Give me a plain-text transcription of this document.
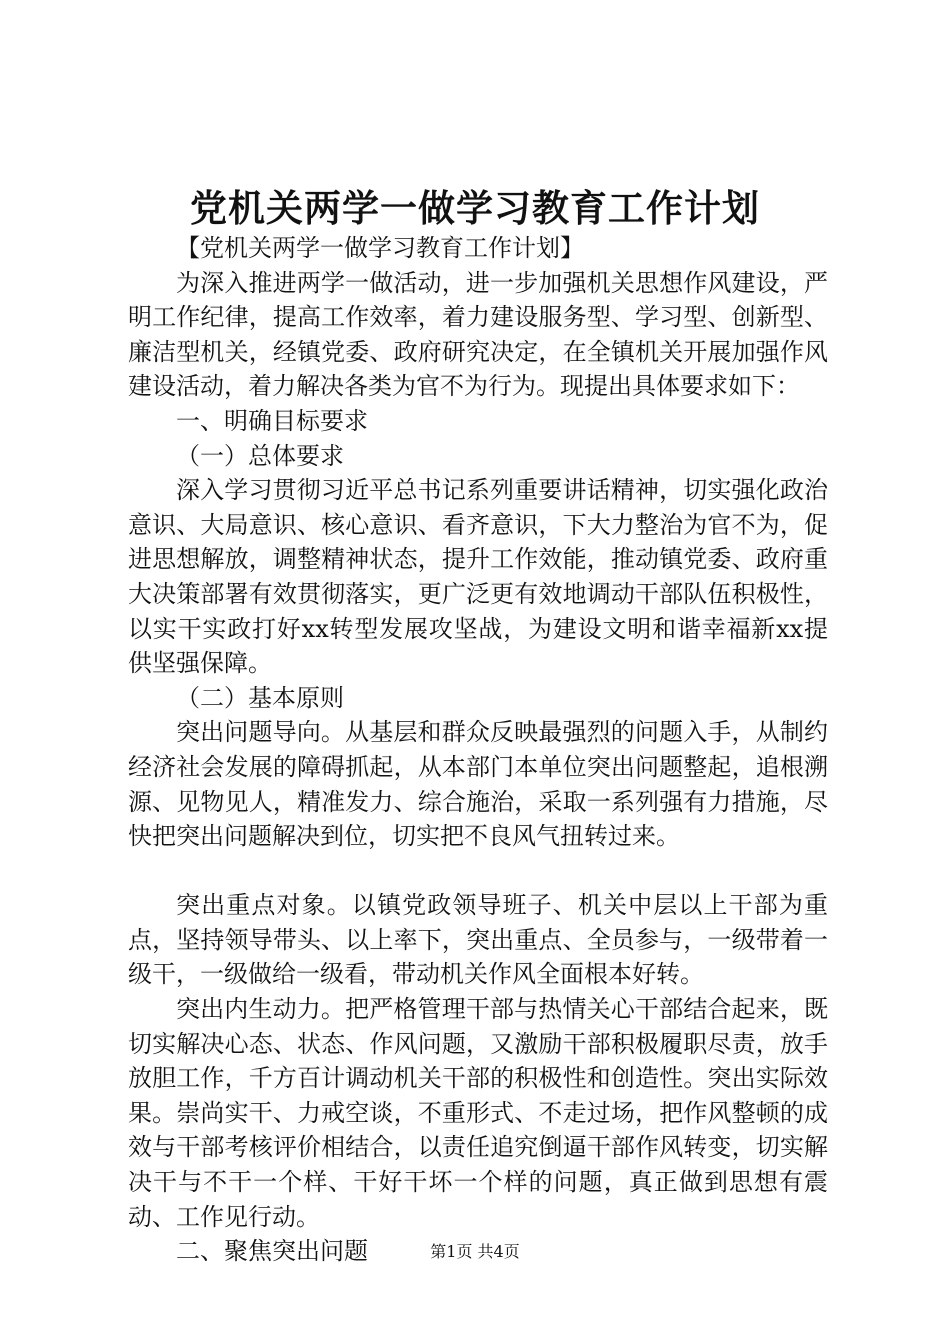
党机关两学一做学习教育工作计划

【党机关两学一做学习教育工作计划】

为深入推进两学一做活动，进一步加强机关思想作风建设，严明工作纪律，提高工作效率，着力建设服务型、学习型、创新型、廉洁型机关，经镇党委、政府研究决定，在全镇机关开展加强作风建设活动，着力解决各类为官不为行为。现提出具体要求如下：

一、明确目标要求

（一）总体要求

深入学习贯彻习近平总书记系列重要讲话精神，切实强化政治意识、大局意识、核心意识、看齐意识，下大力整治为官不为，促进思想解放，调整精神状态，提升工作效能，推动镇党委、政府重大决策部署有效贯彻落实，更广泛更有效地调动干部队伍积极性，以实干实政打好xx转型发展攻坚战，为建设文明和谐幸福新xx提供坚强保障。

（二）基本原则

突出问题导向。从基层和群众反映最强烈的问题入手，从制约经济社会发展的障碍抓起，从本部门本单位突出问题整起，追根溯源、见物见人，精准发力、综合施治，采取一系列强有力措施，尽快把突出问题解决到位，切实把不良风气扭转过来。

突出重点对象。以镇党政领导班子、机关中层以上干部为重点，坚持领导带头、以上率下，突出重点、全员参与，一级带着一级干，一级做给一级看，带动机关作风全面根本好转。

突出内生动力。把严格管理干部与热情关心干部结合起来，既切实解决心态、状态、作风问题，又激励干部积极履职尽责，放手放胆工作，千方百计调动机关干部的积极性和创造性。突出实际效果。崇尚实干、力戒空谈，不重形式、不走过场，把作风整顿的成效与干部考核评价相结合，以责任追究倒逼干部作风转变，切实解决干与不干一个样、干好干坏一个样的问题，真正做到思想有震动、工作见行动。

二、聚焦突出问题	第1页 共4页
